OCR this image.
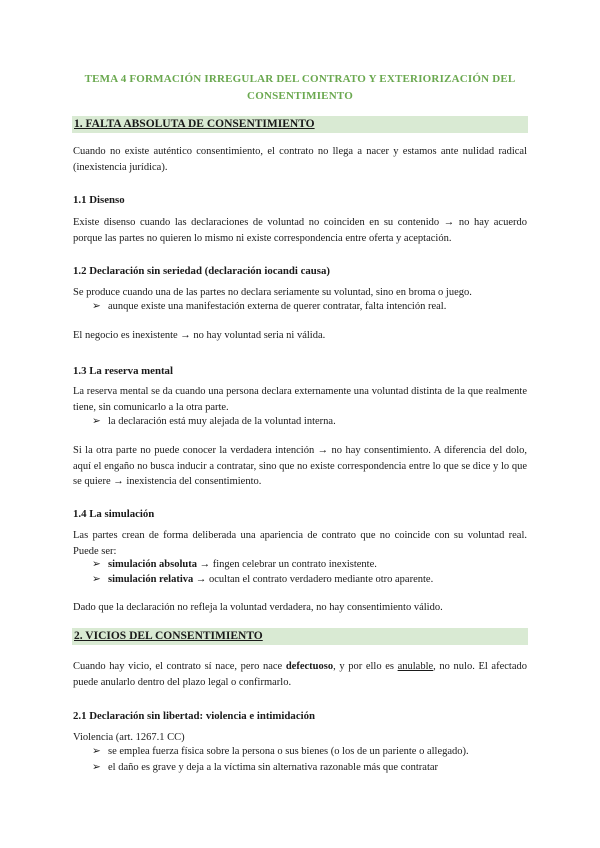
TEMA 4 FORMACIÓN IRREGULAR DEL CONTRATO Y EXTERIORIZACIÓN DEL CONSENTIMIENTO
1. FALTA ABSOLUTA DE CONSENTIMIENTO
Cuando no existe auténtico consentimiento, el contrato no llega a nacer y estamos ante nulidad radical (inexistencia jurídica).
1.1 Disenso
Existe disenso cuando las declaraciones de voluntad no coinciden en su contenido → no hay acuerdo porque las partes no quieren lo mismo ni existe correspondencia entre oferta y aceptación.
1.2 Declaración sin seriedad (declaración iocandi causa)
Se produce cuando una de las partes no declara seriamente su voluntad, sino en broma o juego.
➢ aunque existe una manifestación externa de querer contratar, falta intención real.
El negocio es inexistente → no hay voluntad seria ni válida.
1.3 La reserva mental
La reserva mental se da cuando una persona declara externamente una voluntad distinta de la que realmente tiene, sin comunicarlo a la otra parte.
➢ la declaración está muy alejada de la voluntad interna.
Si la otra parte no puede conocer la verdadera intención → no hay consentimiento. A diferencia del dolo, aquí el engaño no busca inducir a contratar, sino que no existe correspondencia entre lo que se dice y lo que se quiere → inexistencia del consentimiento.
1.4 La simulación
Las partes crean de forma deliberada una apariencia de contrato que no coincide con su voluntad real. Puede ser:
➢ simulación absoluta → fingen celebrar un contrato inexistente.
➢ simulación relativa → ocultan el contrato verdadero mediante otro aparente.
Dado que la declaración no refleja la voluntad verdadera, no hay consentimiento válido.
2. VICIOS DEL CONSENTIMIENTO
Cuando hay vicio, el contrato sí nace, pero nace defectuoso, y por ello es anulable, no nulo. El afectado puede anularlo dentro del plazo legal o confirmarlo.
2.1 Declaración sin libertad: violencia e intimidación
Violencia (art. 1267.1 CC)
➢ se emplea fuerza física sobre la persona o sus bienes (o los de un pariente o allegado).
➢ el daño es grave y deja a la víctima sin alternativa razonable más que contratar
